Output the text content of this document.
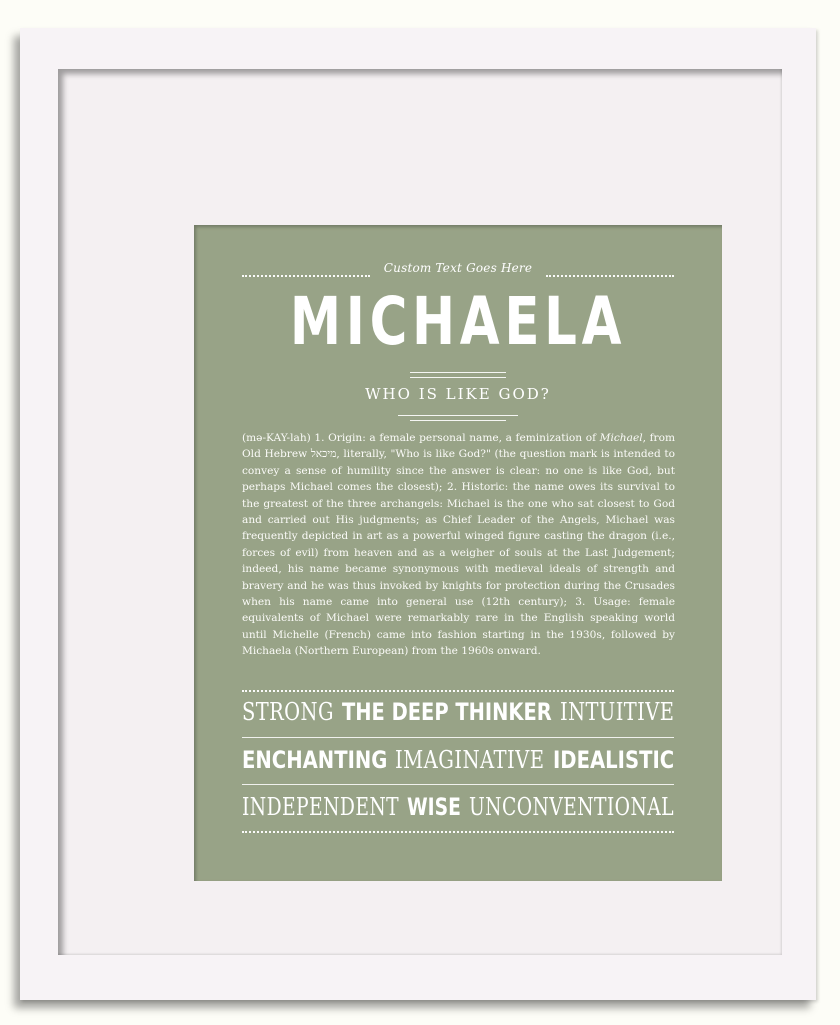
Custom Text Goes Here
MICHAELA
WHO IS LIKE GOD?
(mə-KAY-lah) 1. Origin: a female personal name, a feminization of Michael, from Old Hebrew מיכאל, literally, "Who is like God?" (the question mark is intended to convey a sense of humility since the answer is clear: no one is like God, but perhaps Michael comes the closest); 2. Historic: the name owes its survival to the greatest of the three archangels: Michael is the one who sat closest to God and carried out His judgments; as Chief Leader of the Angels, Michael was frequently depicted in art as a powerful winged figure casting the dragon (i.e., forces of evil) from heaven and as a weigher of souls at the Last Judgement; indeed, his name became synonymous with medieval ideals of strength and bravery and he was thus invoked by knights for protection during the Crusades when his name came into general use (12th century); 3. Usage: female equivalents of Michael were remarkably rare in the English speaking world until Michelle (French) came into fashion starting in the 1930s, followed by Michaela (Northern European) from the 1960s onward.
STRONG THE DEEP THINKER INTUITIVE
ENCHANTING IMAGINATIVE IDEALISTIC
INDEPENDENT WISE UNCONVENTIONAL
